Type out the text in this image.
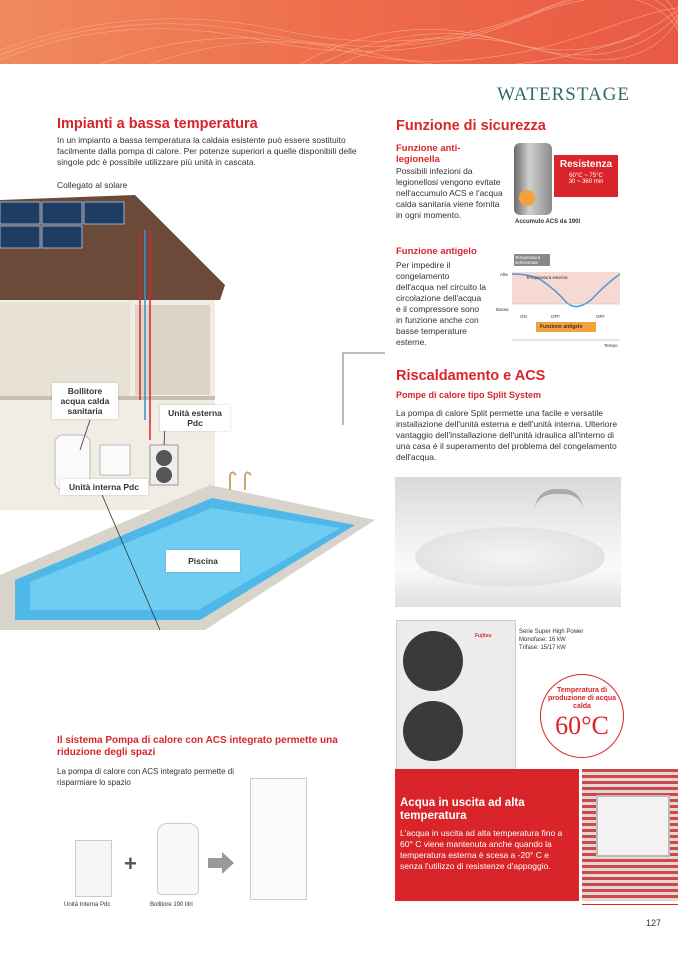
WATERSTAGE
Impianti a bassa temperatura
In un impianto a bassa temperatura la caldaia esistente può essere sostituito facilmente dalla pompa di calore. Per potenze superiori a quelle disponibili delle singole pdc è possibile utilizzare più unità in cascata.
Collegato al solare
Bollitore acqua calda sanitaria	Unità esterna Pdc
Unità interna Pdc
Piscina
Il sistema Pompa di calore con ACS integrato permette una riduzione degli spazi
La pompa di calore con ACS integrato permette di risparmiare lo spazio
+
Unità Interna Pdc	Bollitore 190 litri
Funzione di sicurezza
Funzione anti-legionella
Possibili infezioni da legionellosi vengono evitate nell'accumulo ACS e l'acqua calda sanitaria viene fornita in ogni momento.
Resistenza
60°C ~ 75°C
30 ~ 360 min
Accumulo ACS da 190l
Funzione antigelo
Per impedire il congelamento dell'acqua nel circuito la circolazione dell'acqua e il compressore sono in funzione anche con basse temperature esterne.
Temperatura selezionata
Alta
Temperatura esterna
Bassa
ON	OFF	OFF
Funzione antigelo
Tempo
Riscaldamento e ACS
Pompe di calore tipo Split System
La pompa di calore Split permette una facile e versatile installazione dell'unità esterna e dell'unità interna. Ulteriore vantaggio dell'installazione dell'unità idraulica all'interno di una casa è il superamento del problema del congelamento dell'acqua.
Fujitsu
Serie Super High Power
Monofase: 16 kW
Trifase: 15/17 kW
Temperatura di produzione di acqua calda
60°C
Acqua in uscita ad alta temperatura
L'acqua in uscita ad alta temperatura fino a 60° C viene mantenuta anche quando la temperatura esterna è scesa a -20° C e senza l'utilizzo di resistenze d'appoggio.
127
